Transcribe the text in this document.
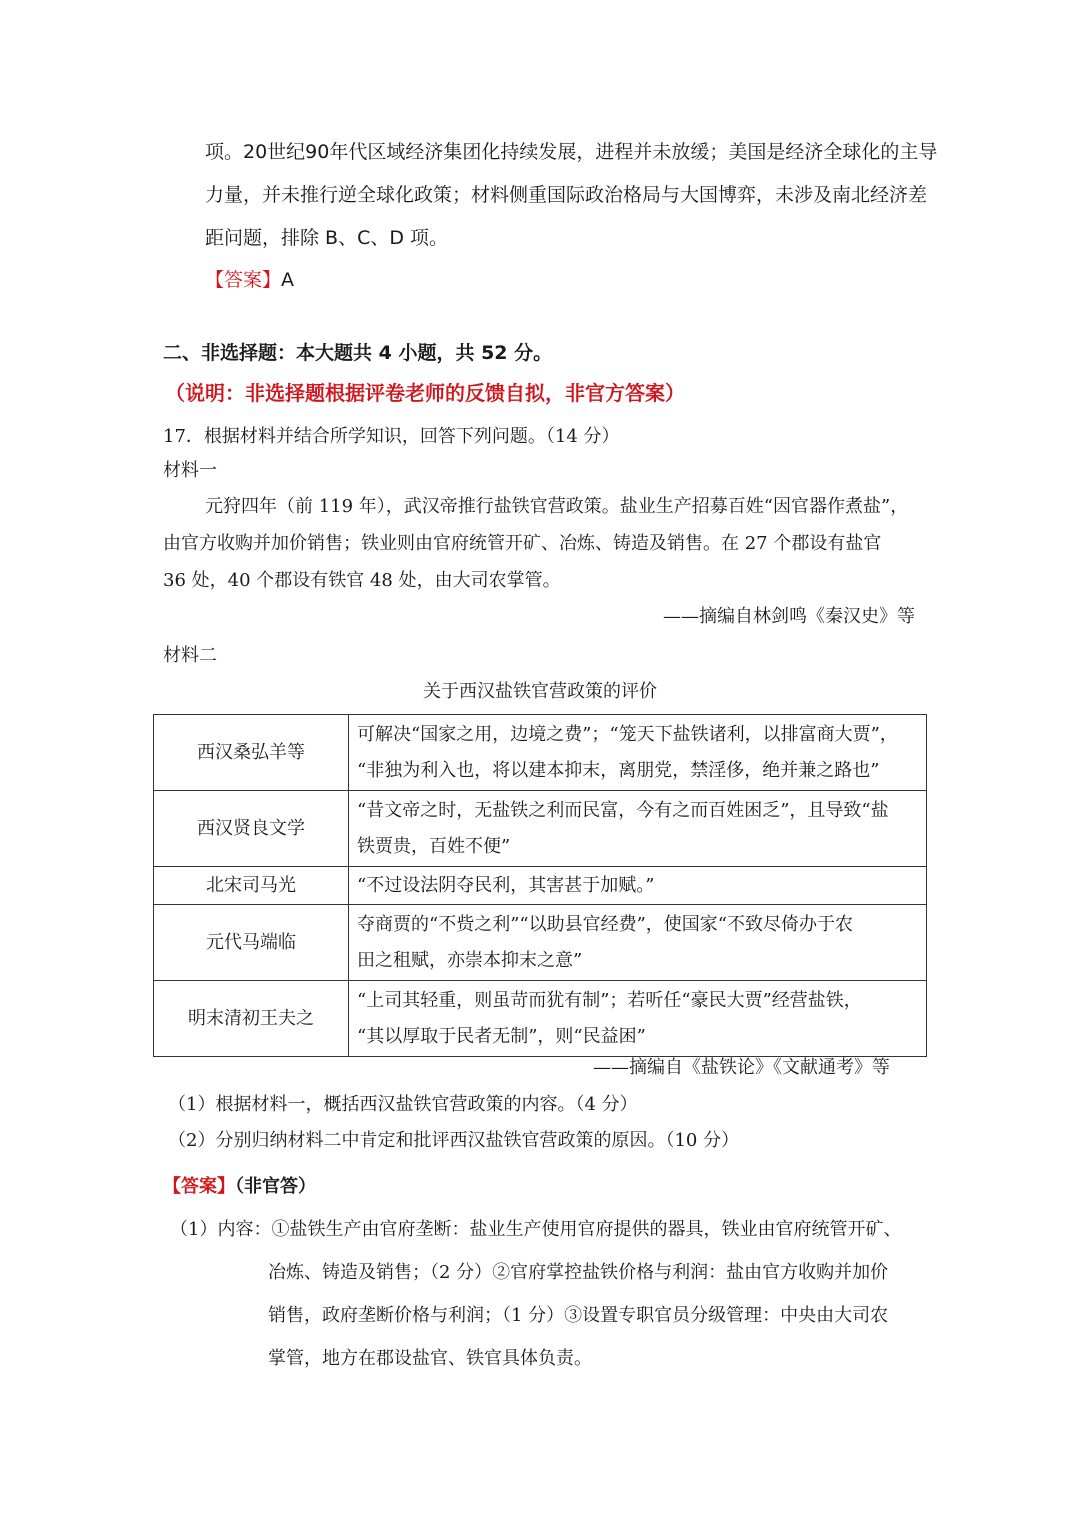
项。20世纪90年代区域经济集团化持续发展，进程并未放缓；美国是经济全球化的主导
力量，并未推行逆全球化政策；材料侧重国际政治格局与大国博弈，未涉及南北经济差
距问题，排除 B、C、D 项。
【答案】A
二、非选择题：本大题共 4 小题，共 52 分。
（说明：非选择题根据评卷老师的反馈自拟，非官方答案）
17．根据材料并结合所学知识，回答下列问题。（14 分）
材料一
元狩四年（前 119 年），武汉帝推行盐铁官营政策。盐业生产招募百姓“因官器作煮盐”，
由官方收购并加价销售；铁业则由官府统管开矿、冶炼、铸造及销售。在 27 个郡设有盐官
36 处，40 个郡设有铁官 48 处，由大司农掌管。
——摘编自林剑鸣《秦汉史》等
材料二
关于西汉盐铁官营政策的评价
西汉桑弘羊等	可解决“国家之用，边境之费”；“笼天下盐铁诸利，以排富商大贾”，
“非独为利入也，将以建本抑末，离朋党，禁淫侈，绝并兼之路也”

西汉贤良文学	“昔文帝之时，无盐铁之利而民富，今有之而百姓困乏”，且导致“盐
铁贾贵，百姓不便”

北宋司马光	“不过设法阴夺民利，其害甚于加赋。”

元代马端临	夺商贾的“不赀之利”“以助县官经费”，使国家“不致尽倚办于农
田之租赋，亦崇本抑末之意”

明末清初王夫之	“上司其轻重，则虽苛而犹有制”；若听任“豪民大贾”经营盐铁，
“其以厚取于民者无制”，则“民益困”
——摘编自《盐铁论》《文献通考》等
（1）根据材料一，概括西汉盐铁官营政策的内容。（4 分）
（2）分别归纳材料二中肯定和批评西汉盐铁官营政策的原因。（10 分）
【答案】（非官答）
（1）内容：①盐铁生产由官府垄断：盐业生产使用官府提供的器具，铁业由官府统管开矿、
冶炼、铸造及销售；（2 分）②官府掌控盐铁价格与利润：盐由官方收购并加价
销售，政府垄断价格与利润；（1 分）③设置专职官员分级管理：中央由大司农
掌管，地方在郡设盐官、铁官具体负责。
